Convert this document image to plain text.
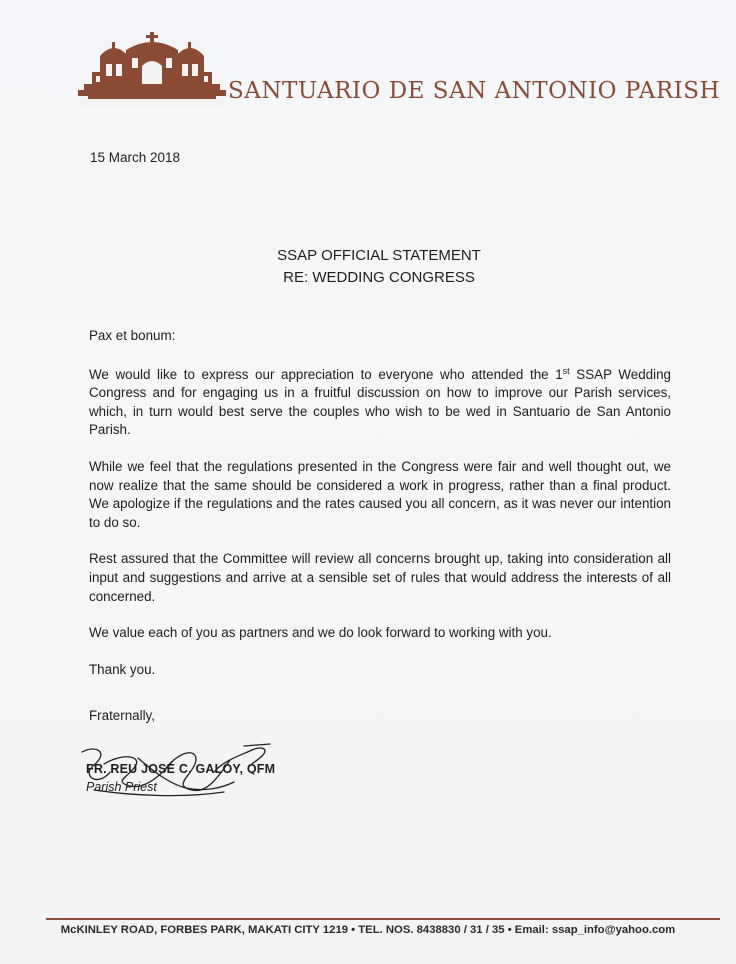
SANTUARIO DE SAN ANTONIO PARISH
15 March 2018
SSAP OFFICIAL STATEMENT
RE: WEDDING CONGRESS

Pax et bonum:

We would like to express our appreciation to everyone who attended the 1st SSAP Wedding Congress and for engaging us in a fruitful discussion on how to improve our Parish services, which, in turn would best serve the couples who wish to be wed in Santuario de San Antonio Parish.

While we feel that the regulations presented in the Congress were fair and well thought out, we now realize that the same should be considered a work in progress, rather than a final product. We apologize if the regulations and the rates caused you all concern, as it was never our intention to do so.

Rest assured that the Committee will review all concerns brought up, taking into consideration all input and suggestions and arrive at a sensible set of rules that would address the interests of all concerned.

We value each of you as partners and we do look forward to working with you.

Thank you.

Fraternally,
FR. REU JOSE C. GALOY, OFM
Parish Priest
McKINLEY ROAD, FORBES PARK, MAKATI CITY 1219 • TEL. NOS. 8438830 / 31 / 35 • Email: ssap_info@yahoo.com
